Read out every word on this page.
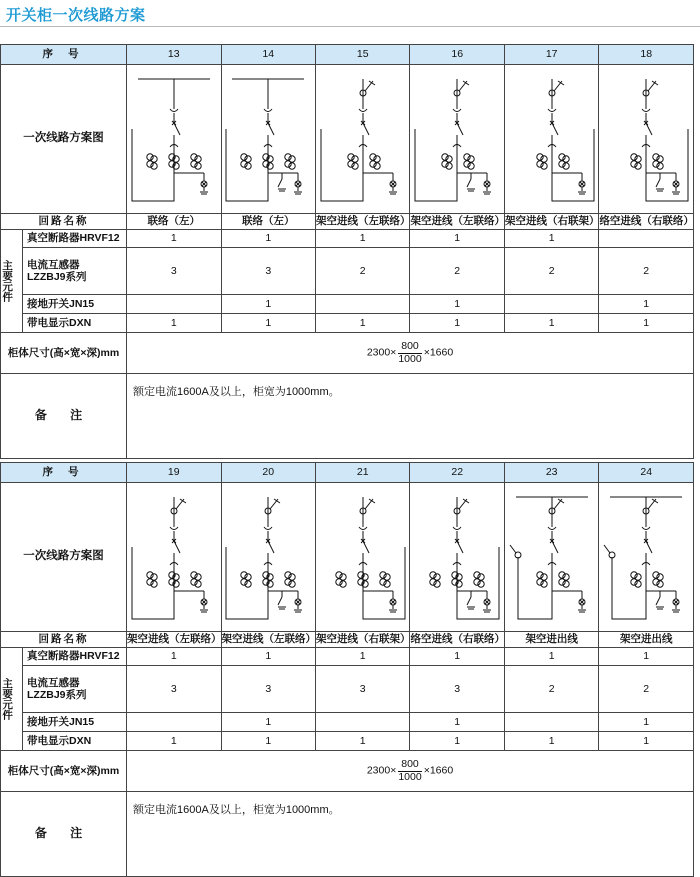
开关柜一次线路方案
序 号		13	14	15	16	17	18
一次线路方案图	

回路名称		联络（左）	联络（左）	架空进线（左联络）	架空进线（左联络）	架空进线（右联架）	络空进线（右联络）

主要元件	真空断路器HRVF12	1	1	1	1	1	
	电流互感器
LZZBJ9系列	3	3	2	2	2	2
	接地开关JN15		1		1		1
	带电显示DXN	1	1	1	1	1	1
柜体尺寸(高×宽×深)mm		$2300\times \frac{800}{1000} \times 1660$					
备 注		额定电流1600A及以上，柜宽为1000mm。					
序 号		19	20	21	22	23	24
一次线路方案图	

回路名称		架空进线（左联络）	架空进线（左联络）	架空进线（右联架）	络空进线（右联络）	架空进出线	架空进出线

主要元件	真空断路器HRVF12	1	1	1	1	1	1
	电流互感器
LZZBJ9系列	3	3	3	3	2	2
	接地开关JN15		1		1		1
	带电显示DXN	1	1	1	1	1	1
柜体尺寸(高×宽×深)mm		$2300\times \frac{800}{1000} \times 1660$					
备 注		额定电流1600A及以上，柜宽为1000mm。					
